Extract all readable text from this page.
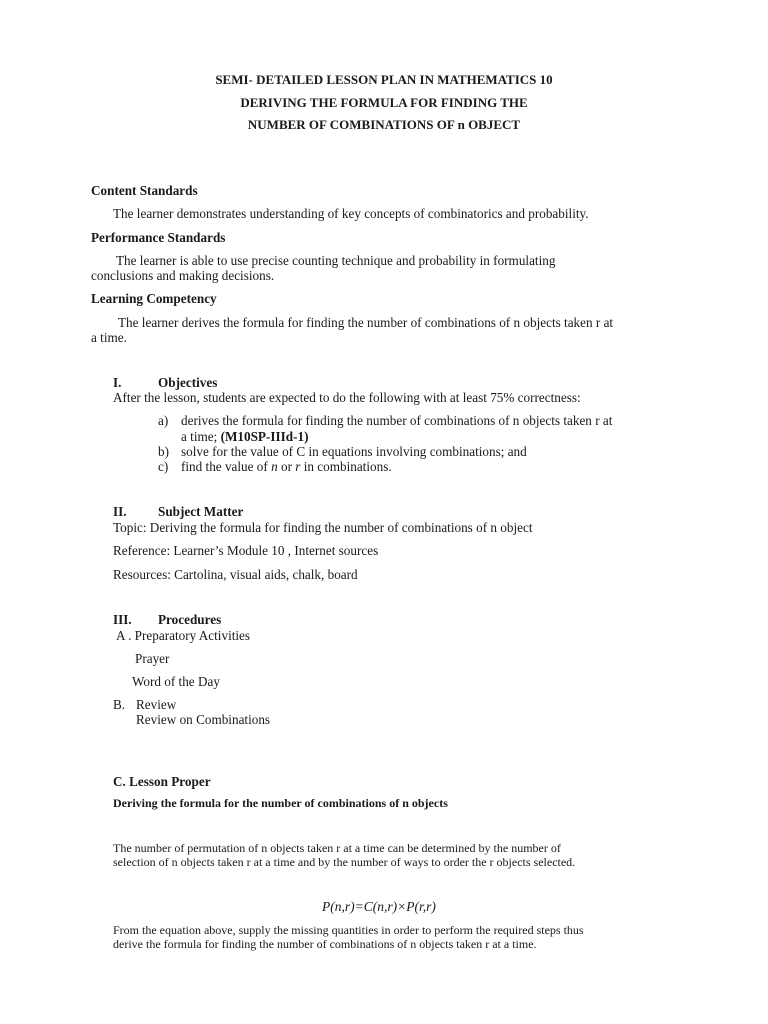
SEMI- DETAILED LESSON PLAN IN MATHEMATICS 10
DERIVING THE FORMULA FOR FINDING THE
NUMBER OF COMBINATIONS OF n OBJECT
Content Standards
The learner demonstrates understanding of key concepts of combinatorics and probability.
Performance Standards
The learner is able to use precise counting technique and probability in formulating
conclusions and making decisions.
Learning Competency
The learner derives the formula for finding the number of combinations of n objects taken r at
a time.
I.	Objectives
After the lesson, students are expected to do the following with at least 75% correctness:
a) derives the formula for finding the number of combinations of n objects taken r at
a time; (M10SP-IIId-1)
b) solve for the value of C in equations involving combinations; and
c) find the value of n or r in combinations.
II. Subject Matter
Topic: Deriving the formula for finding the number of combinations of n object
Reference: Learner’s Module 10 , Internet sources
Resources: Cartolina, visual aids, chalk, board
III. Procedures
A . Preparatory Activities
Prayer
Word of the Day
B. Review
Review on Combinations
C. Lesson Proper
Deriving the formula for the number of combinations of n objects
The number of permutation of n objects taken r at a time can be determined by the number of
selection of n objects taken r at a time and by the number of ways to order the r objects selected.
P(n,r)=C(n,r)×P(r,r)
From the equation above, supply the missing quantities in order to perform the required steps thus
derive the formula for finding the number of combinations of n objects taken r at a time.
